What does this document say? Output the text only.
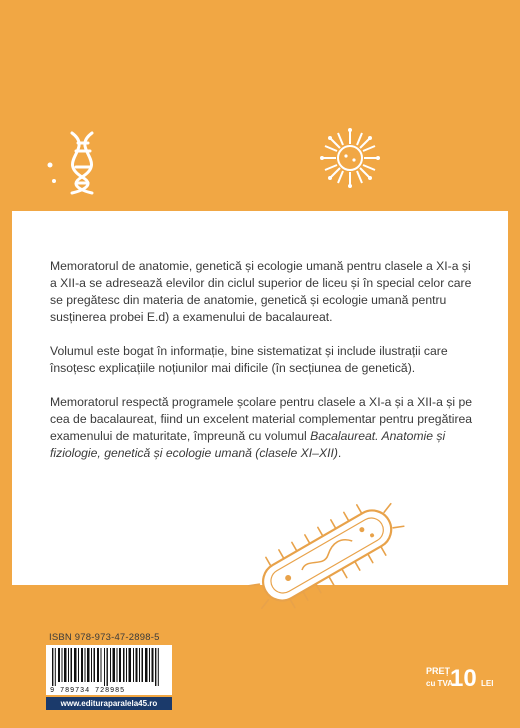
Memoratorul de anatomie, genetică și ecologie umană pentru clasele a XI-a și a XII-a se adresează elevilor din ciclul superior de liceu și în special celor care se pregătesc din materia de anatomie, genetică și ecologie umană pentru susținerea probei E.d) a examenului de bacalaureat.

Volumul este bogat în informație, bine sistematizat și include ilustrații care însoțesc explicațiile noțiunilor mai dificile (în secțiunea de genetică).

Memoratorul respectă programele școlare pentru clasele a XI-a și a XII-a și pe cea de bacalaureat, fiind un excelent material complementar pentru pregătirea examenului de maturitate, împreună cu volumul Bacalaureat. Anatomie și fiziologie, genetică și ecologie umană (clasele XI–XII).

ISBN 978-973-47-2898-5
9 789734 728985
www.edituraparalela45.ro
PREȚ
cu TVA
10 LEI
